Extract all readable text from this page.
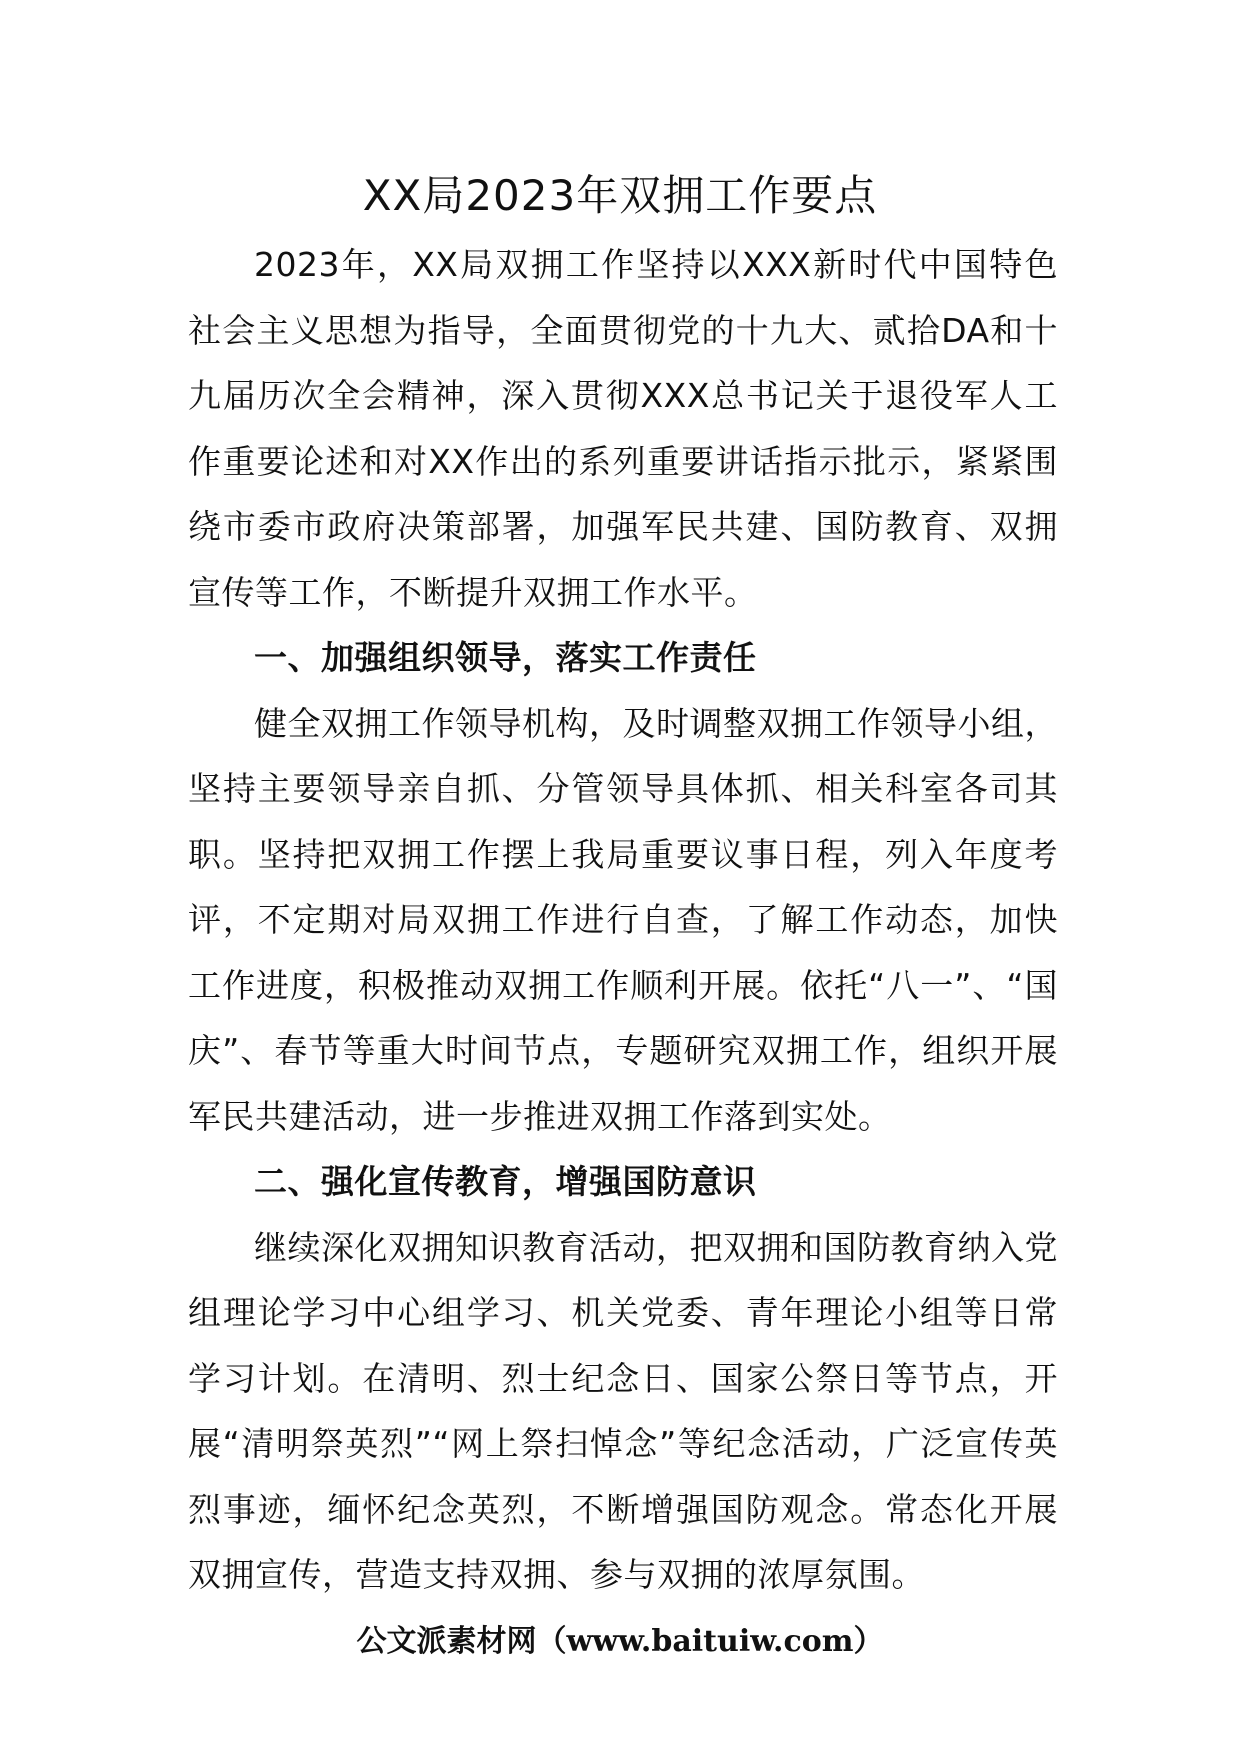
XX局2023年双拥工作要点

2023年，XX局双拥工作坚持以XXX新时代中国特色社会主义思想为指导，全面贯彻党的十九大、贰拾DA和十九届历次全会精神，深入贯彻XXX总书记关于退役军人工作重要论述和对XX作出的系列重要讲话指示批示，紧紧围绕市委市政府决策部署，加强军民共建、国防教育、双拥宣传等工作，不断提升双拥工作水平。

一、加强组织领导，落实工作责任

健全双拥工作领导机构，及时调整双拥工作领导小组，坚持主要领导亲自抓、分管领导具体抓、相关科室各司其职。坚持把双拥工作摆上我局重要议事日程，列入年度考评，不定期对局双拥工作进行自查，了解工作动态，加快工作进度，积极推动双拥工作顺利开展。依托“八一”、“国庆”、春节等重大时间节点，专题研究双拥工作，组织开展军民共建活动，进一步推进双拥工作落到实处。

二、强化宣传教育，增强国防意识

继续深化双拥知识教育活动，把双拥和国防教育纳入党组理论学习中心组学习、机关党委、青年理论小组等日常学习计划。在清明、烈士纪念日、国家公祭日等节点，开展“清明祭英烈”“网上祭扫悼念”等纪念活动，广泛宣传英烈事迹，缅怀纪念英烈，不断增强国防观念。常态化开展双拥宣传，营造支持双拥、参与双拥的浓厚氛围。

公文派素材网（www.baituiw.com）
